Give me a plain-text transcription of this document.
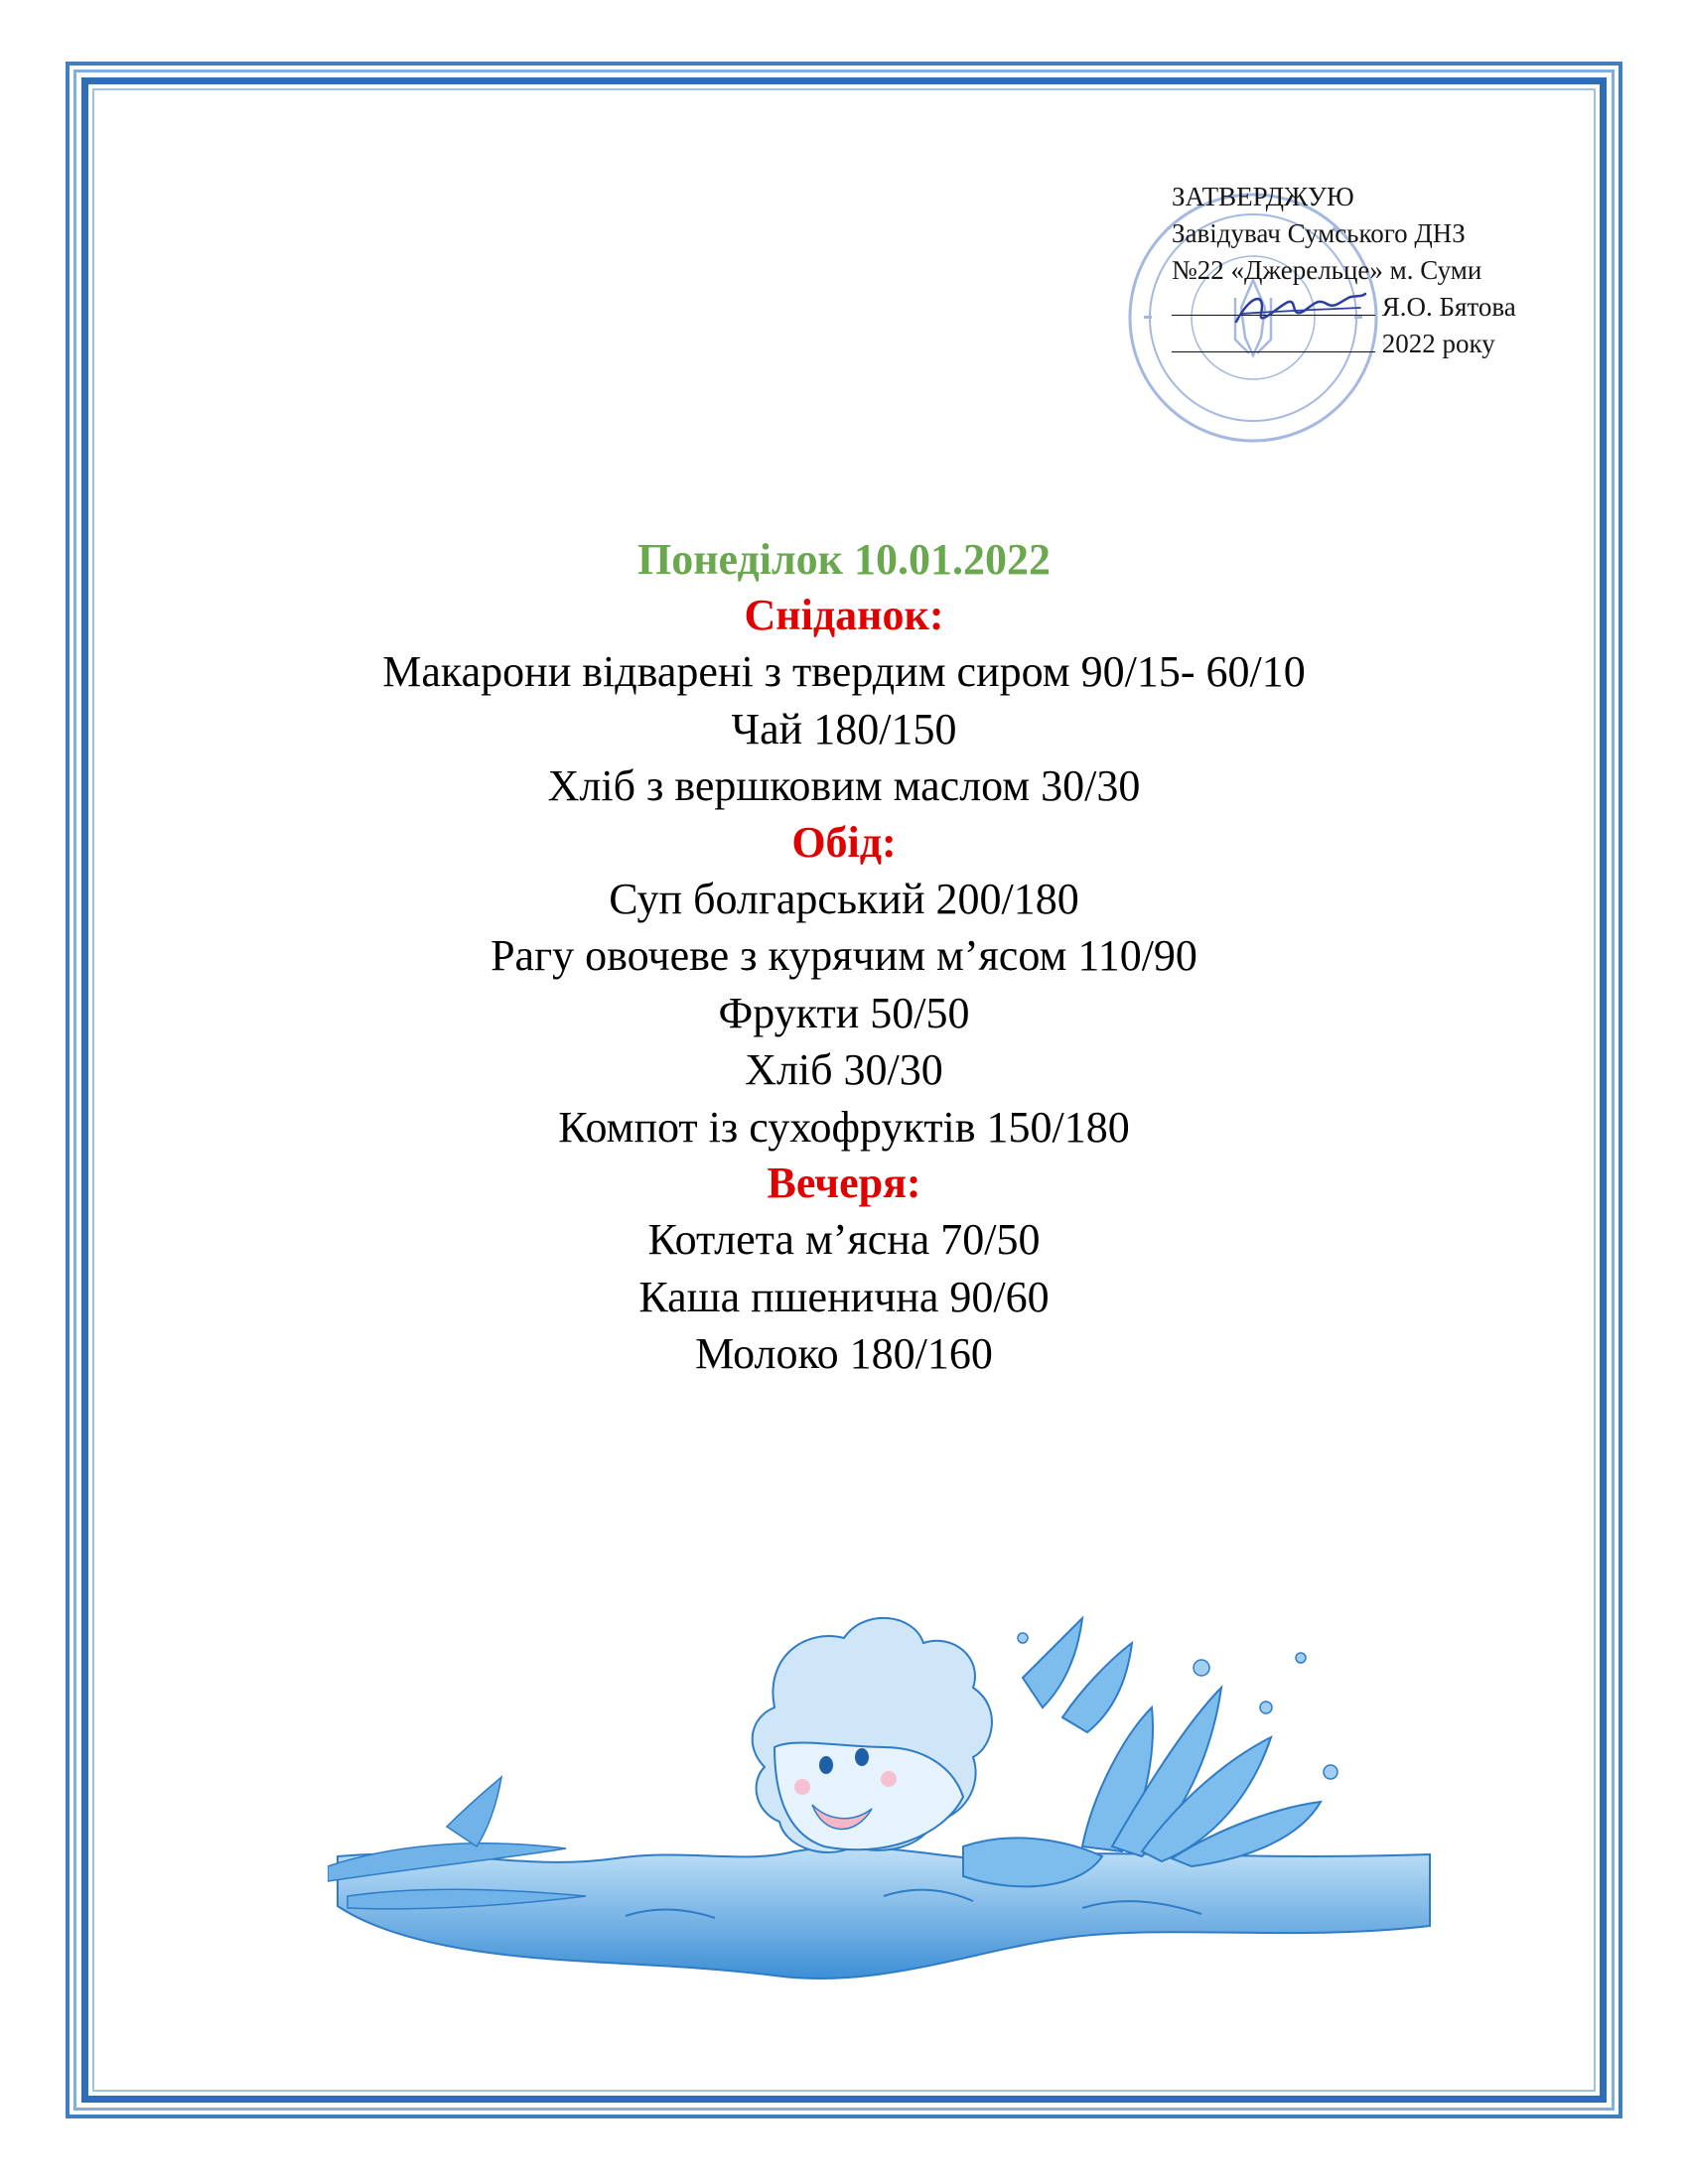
ЗАТВЕРДЖУЮ
Завідувач Сумського ДНЗ
№22 «Джерельце» м. Суми
Я.О. Бятова
2022 року
Понеділок 10.01.2022
Сніданок:
Макарони відварені з твердим сиром 90/15- 60/10
Чай 180/150
Хліб з вершковим маслом 30/30
Обід:
Суп болгарський 200/180
Рагу овочеве з курячим м’ясом 110/90
Фрукти 50/50
Хліб 30/30
Компот із сухофруктів 150/180
Вечеря:
Котлета м’ясна 70/50
Каша пшенична 90/60
Молоко 180/160
